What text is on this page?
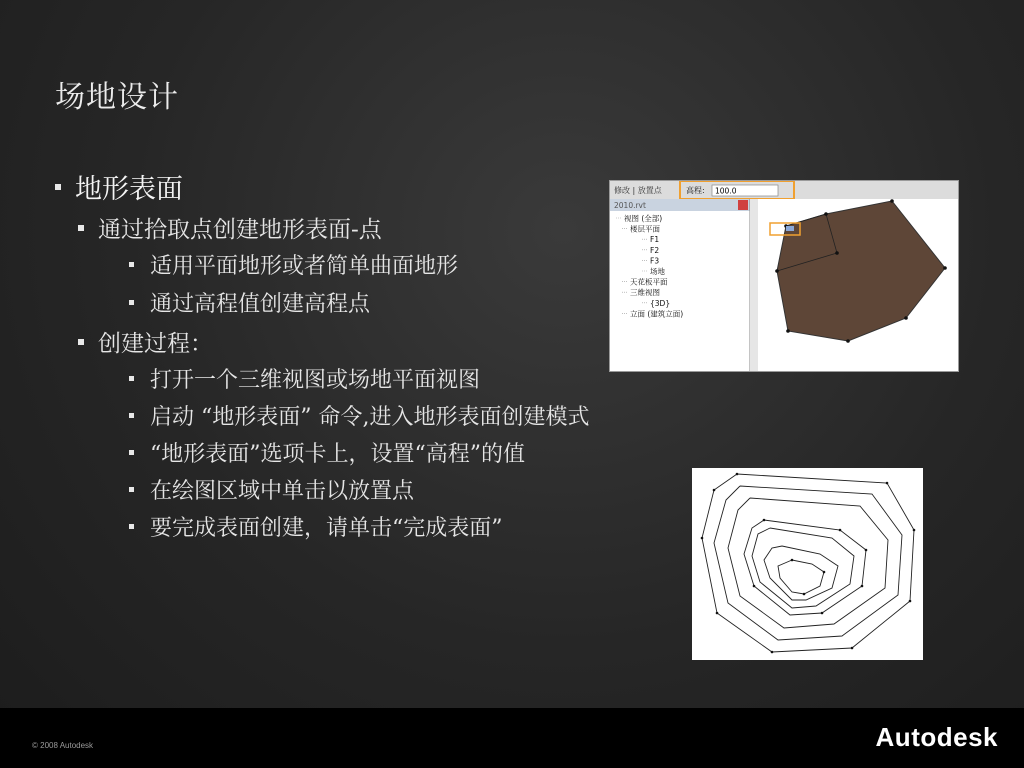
场地设计
地形表面
通过拾取点创建地形表面-点
适用平面地形或者简单曲面地形
通过高程值创建高程点
创建过程：
打开一个三维视图或场地平面视图
启动 “地形表面” 命令,进入地形表面创建模式
“地形表面”选项卡上，设置“高程”的值
在绘图区域中单击以放置点
要完成表面创建，请单击“完成表面”
修改 | 放置点	高程: 100.0
2010.rvt
视图 (全部)
楼层平面
F1
F2
F3
场地
天花板平面
三维视图
{3D}
立面 (建筑立面)
© 2008 Autodesk	Autodesk
